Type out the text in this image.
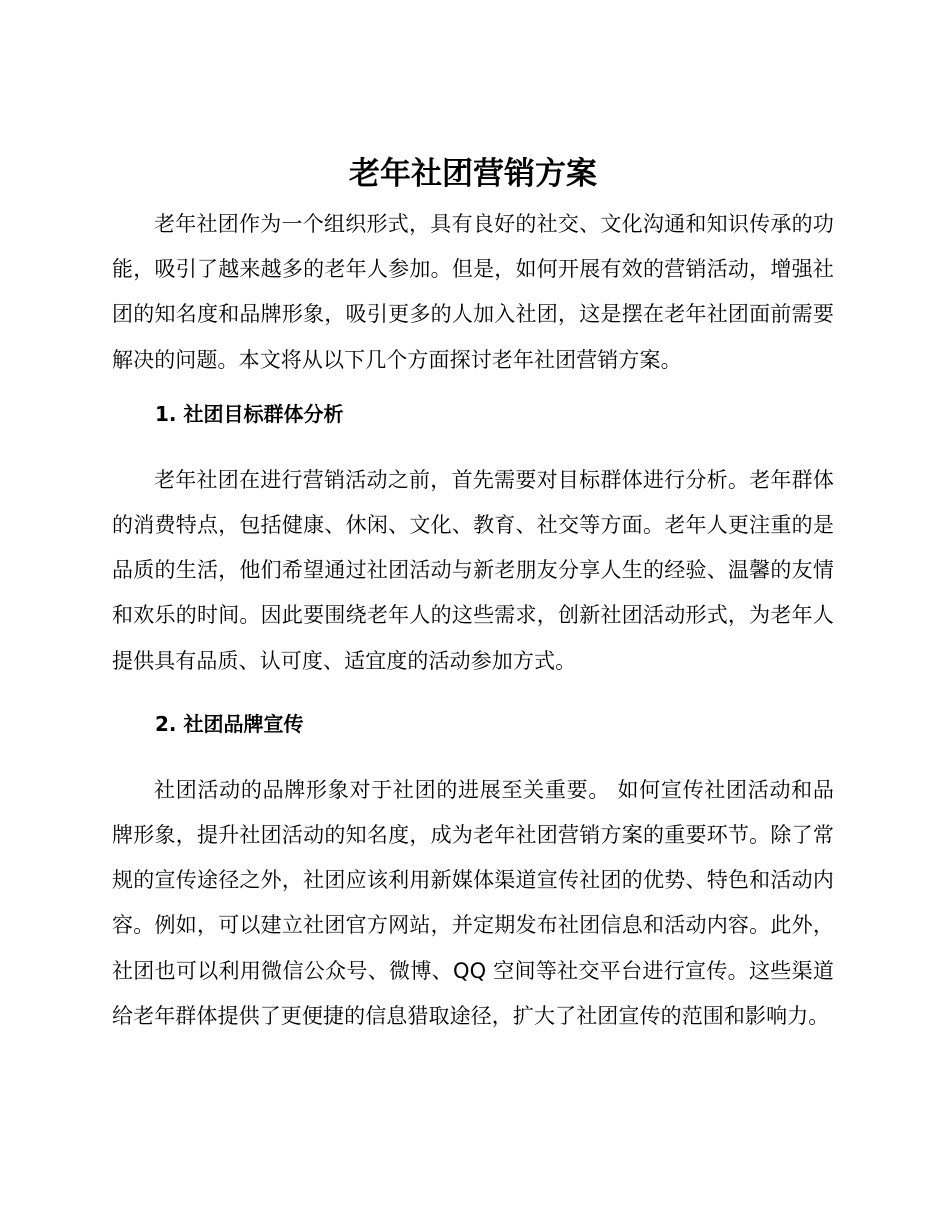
老年社团营销方案

老年社团作为一个组织形式，具有良好的社交、文化沟通和知识传承的功能，吸引了越来越多的老年人参加。但是，如何开展有效的营销活动，增强社团的知名度和品牌形象，吸引更多的人加入社团，这是摆在老年社团面前需要解决的问题。本文将从以下几个方面探讨老年社团营销方案。

1. 社团目标群体分析

老年社团在进行营销活动之前，首先需要对目标群体进行分析。老年群体的消费特点，包括健康、休闲、文化、教育、社交等方面。老年人更注重的是品质的生活，他们希望通过社团活动与新老朋友分享人生的经验、温馨的友情和欢乐的时间。因此要围绕老年人的这些需求，创新社团活动形式，为老年人提供具有品质、认可度、适宜度的活动参加方式。

2. 社团品牌宣传

社团活动的品牌形象对于社团的进展至关重要。 如何宣传社团活动和品牌形象，提升社团活动的知名度，成为老年社团营销方案的重要环节。除了常规的宣传途径之外，社团应该利用新媒体渠道宣传社团的优势、特色和活动内容。例如，可以建立社团官方网站，并定期发布社团信息和活动内容。此外，社团也可以利用微信公众号、微博、QQ 空间等社交平台进行宣传。这些渠道给老年群体提供了更便捷的信息猎取途径，扩大了社团宣传的范围和影响力。
